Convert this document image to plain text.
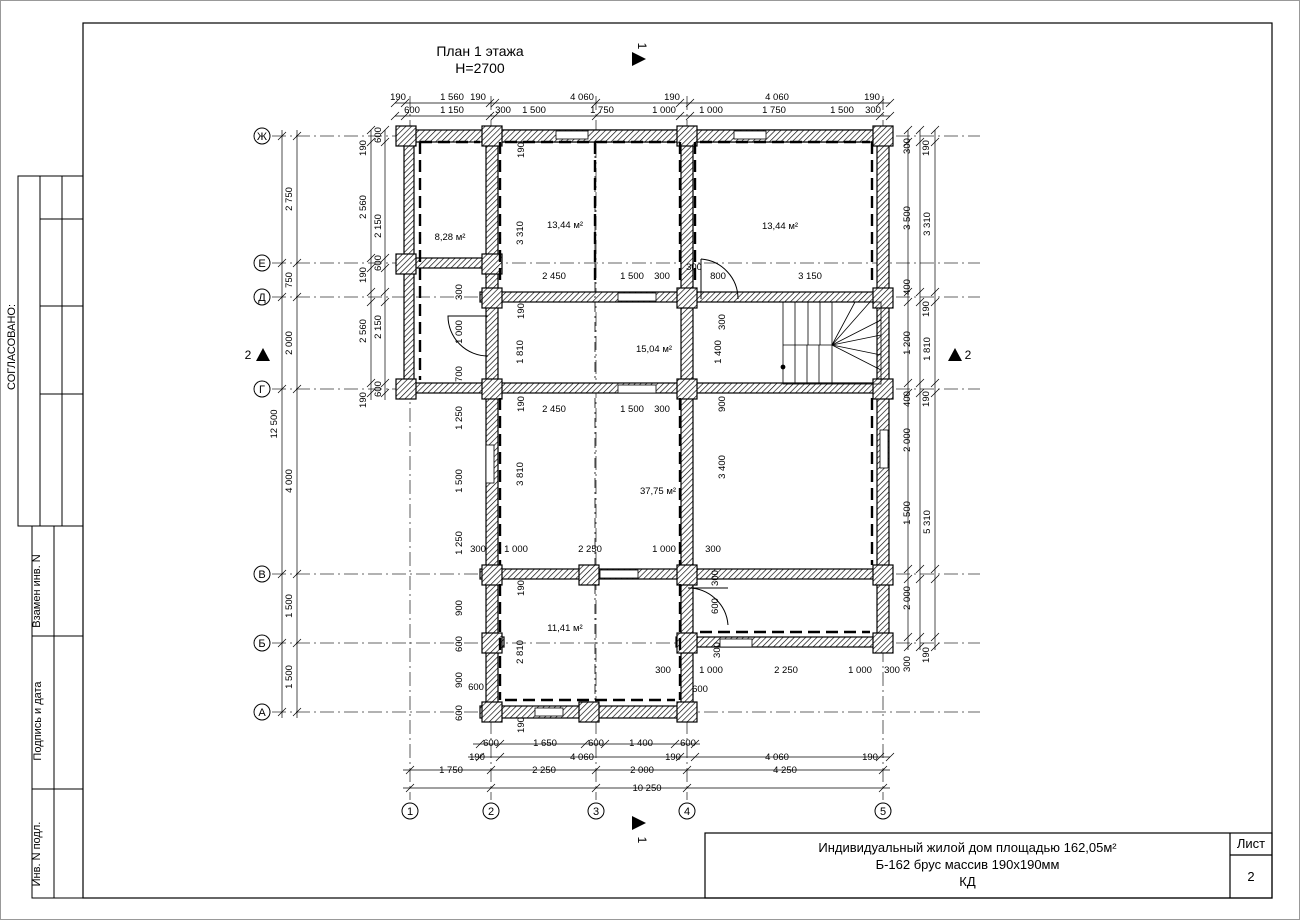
Ж
Е
Д
Г
В
Б
А
1	2	3	4	5
190	1 560 190	4 060	190	4 060	190
600 1 150	300 1 500	1 750	1 000 1 000	1 750	1 500 300
600	1 650	600	1 400	600
190	4 060	190	4 060	190
1 750	2 250	2 000	4 250
10 250
2 750
750
2 000
4 000
1 500
1 500
12 500
2 560
2 560
2 150
2 150
190
600
190
600
190
600
3 310
1 810
5 310
3 500
1 200
2 000
1 500
2 000
300 190
400
190
400 190
300
190
2 450	1 500 300
300
800	3 150
2 450	1 500 300
300 1 000	2 250	1 000	300
300	1 000	2 250	1 000 300
600
600
3 310
1 810
3 810
2 810
1 400
3 400
1 000
700
1 250
1 500
1 250
900
600
900
600
300
900
300
190
190
190
190
190
300
300
600
8,28 м²
13,44 м²	13,44 м²
15,04 м²
37,75 м²
11,41 м²
1
1
2	2
План 1 этажа
H=2700
СОГЛАСОВАНО:
Взамен инв. N
Подпись и дата
Инв. N подл.	Индивидуальный жилой дом площадью 162,05м²
Б-162 брус массив 190х190мм
КД
Лист
2
